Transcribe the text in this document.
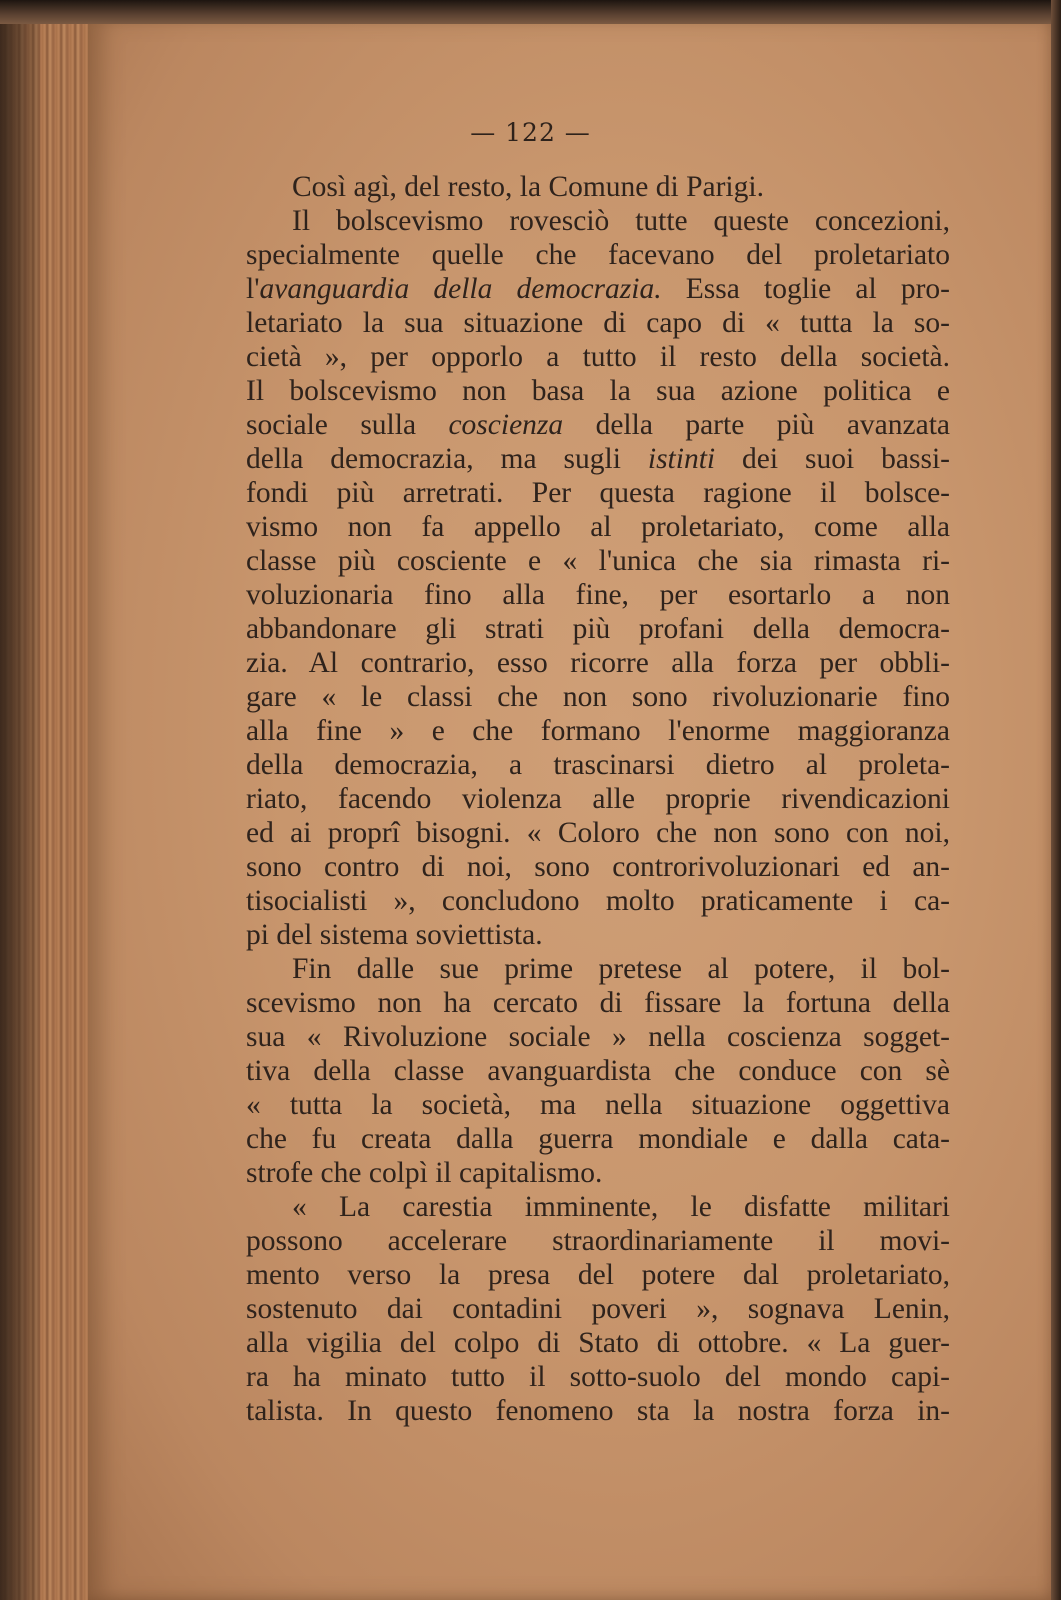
— 122 —
Così agì, del resto, la Comune di Parigi.
Il bolscevismo rovesciò tutte queste concezioni,
specialmente quelle che facevano del proletariato
l'avanguardia della democrazia. Essa toglie al pro-
letariato la sua situazione di capo di « tutta la so-
cietà », per opporlo a tutto il resto della società.
Il bolscevismo non basa la sua azione politica e
sociale sulla coscienza della parte più avanzata
della democrazia, ma sugli istinti dei suoi bassi-
fondi più arretrati. Per questa ragione il bolsce-
vismo non fa appello al proletariato, come alla
classe più cosciente e « l'unica che sia rimasta ri-
voluzionaria fino alla fine, per esortarlo a non
abbandonare gli strati più profani della democra-
zia. Al contrario, esso ricorre alla forza per obbli-
gare « le classi che non sono rivoluzionarie fino
alla fine » e che formano l'enorme maggioranza
della democrazia, a trascinarsi dietro al proleta-
riato, facendo violenza alle proprie rivendicazioni
ed ai proprî bisogni. « Coloro che non sono con noi,
sono contro di noi, sono controrivoluzionari ed an-
tisocialisti », concludono molto praticamente i ca-
pi del sistema soviettista.
Fin dalle sue prime pretese al potere, il bol-
scevismo non ha cercato di fissare la fortuna della
sua « Rivoluzione sociale » nella coscienza sogget-
tiva della classe avanguardista che conduce con sè
« tutta la società, ma nella situazione oggettiva
che fu creata dalla guerra mondiale e dalla cata-
strofe che colpì il capitalismo.
« La carestia imminente, le disfatte militari
possono accelerare straordinariamente il movi-
mento verso la presa del potere dal proletariato,
sostenuto dai contadini poveri », sognava Lenin,
alla vigilia del colpo di Stato di ottobre. « La guer-
ra ha minato tutto il sotto-suolo del mondo capi-
talista. In questo fenomeno sta la nostra forza in-
